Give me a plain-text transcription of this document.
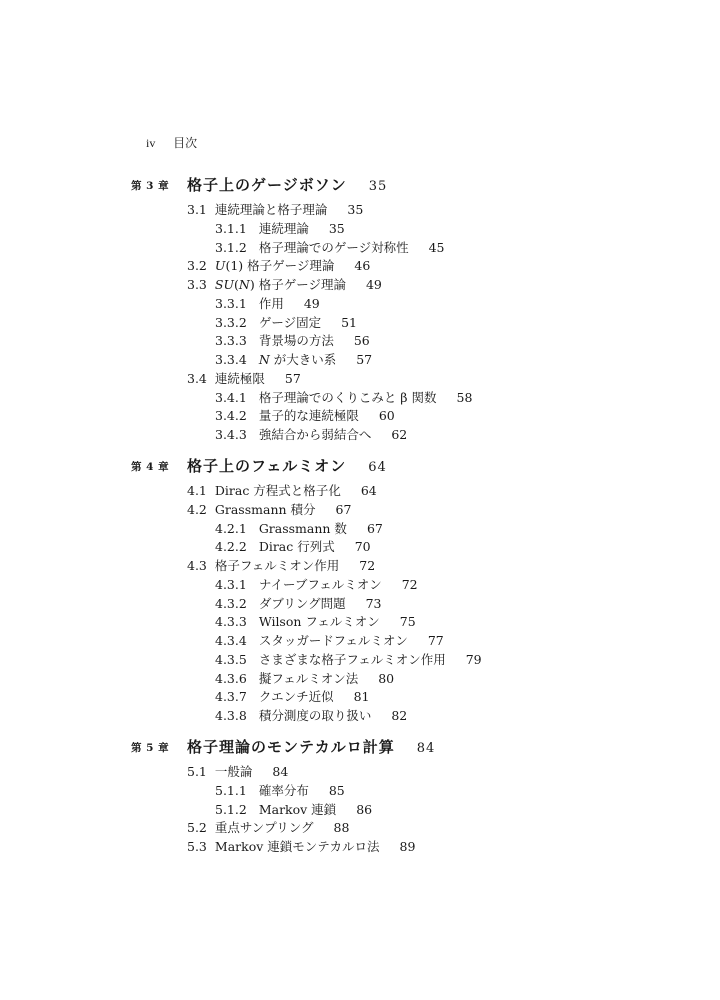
iv 目次
第 3 章 格子上のゲージボソン 35
3.1 連続理論と格子理論 35
3.1.1 連続理論 35
3.1.2 格子理論でのゲージ対称性 45
3.2 U(1) 格子ゲージ理論 46
3.3 SU(N) 格子ゲージ理論 49
3.3.1 作用 49
3.3.2 ゲージ固定 51
3.3.3 背景場の方法 56
3.3.4 N が大きい系 57
3.4 連続極限 57
3.4.1 格子理論でのくりこみと β 関数 58
3.4.2 量子的な連続極限 60
3.4.3 強結合から弱結合へ 62
第 4 章 格子上のフェルミオン 64
4.1 Dirac 方程式と格子化 64
4.2 Grassmann 積分 67
4.2.1 Grassmann 数 67
4.2.2 Dirac 行列式 70
4.3 格子フェルミオン作用 72
4.3.1 ナイーブフェルミオン 72
4.3.2 ダブリング問題 73
4.3.3 Wilson フェルミオン 75
4.3.4 スタッガードフェルミオン 77
4.3.5 さまざまな格子フェルミオン作用 79
4.3.6 擬フェルミオン法 80
4.3.7 クエンチ近似 81
4.3.8 積分測度の取り扱い 82
第 5 章 格子理論のモンテカルロ計算 84
5.1 一般論 84
5.1.1 確率分布 85
5.1.2 Markov 連鎖 86
5.2 重点サンプリング 88
5.3 Markov 連鎖モンテカルロ法 89
